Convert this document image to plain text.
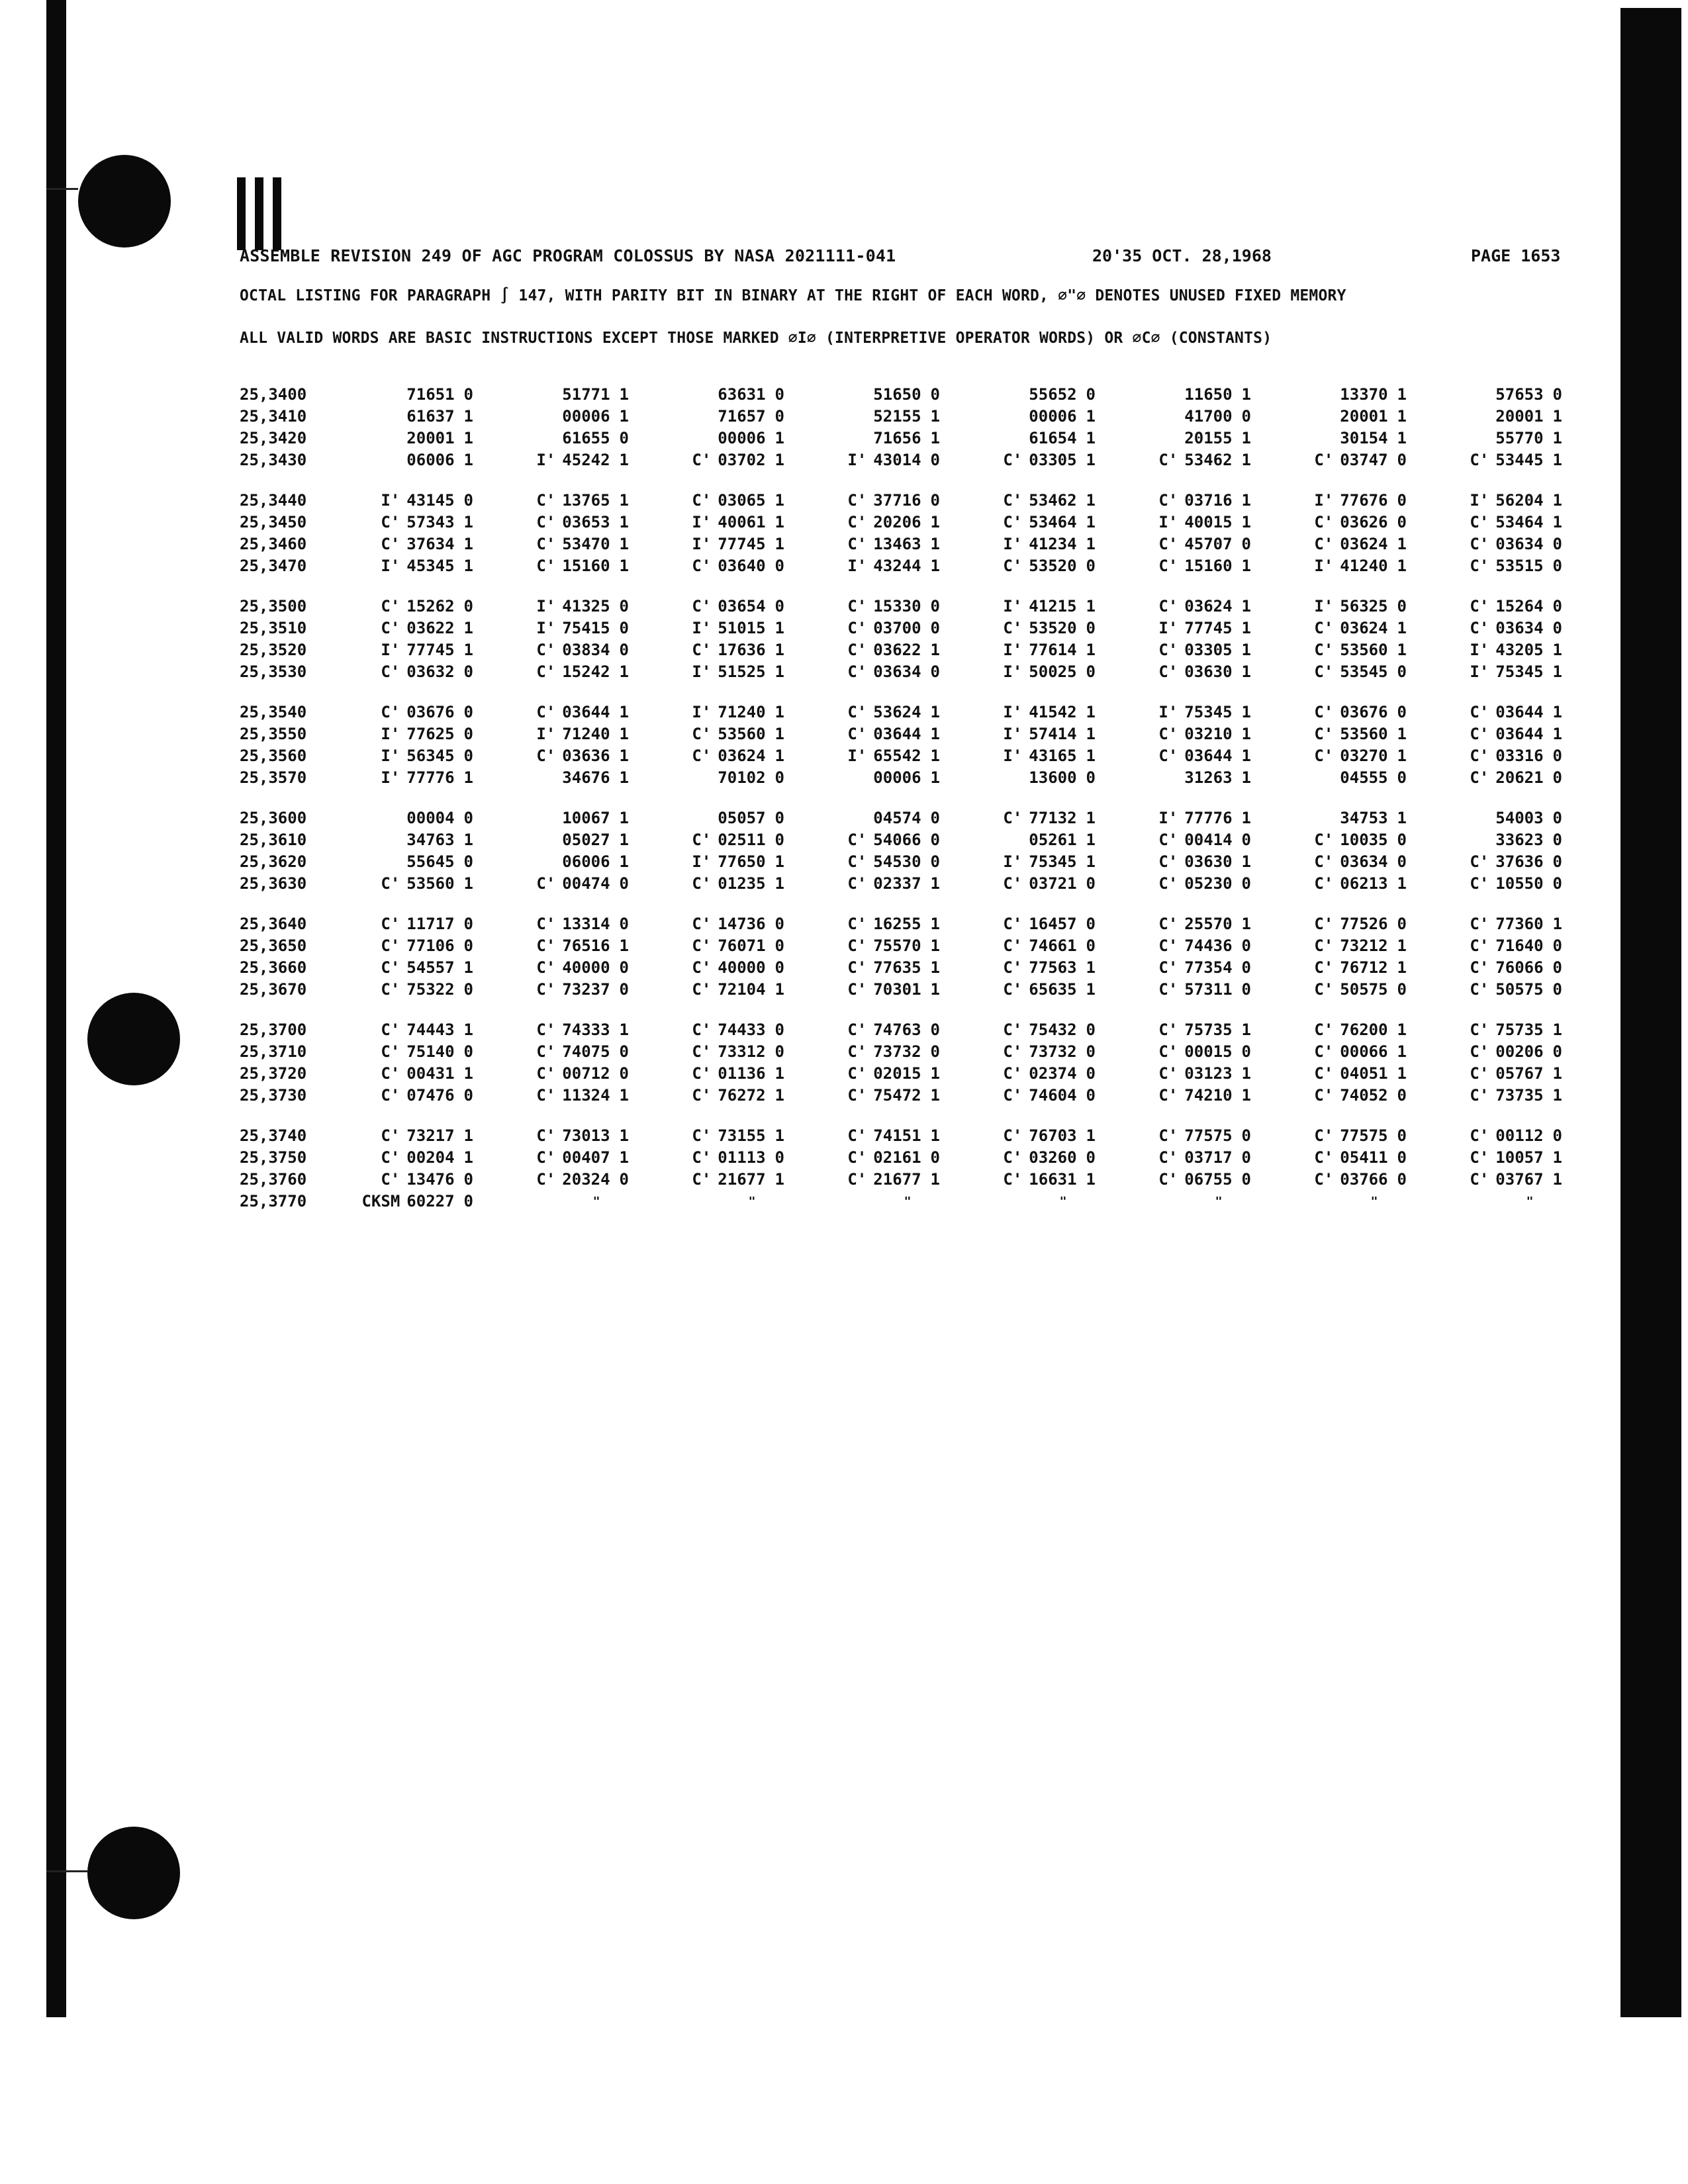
ASSEMBLE REVISION 249 OF AGC PROGRAM COLOSSUS BY NASA 2021111-041	20'35 OCT. 28,1968	PAGE 1653
OCTAL LISTING FOR PARAGRAPH ∫ 147, WITH PARITY BIT IN BINARY AT THE RIGHT OF EACH WORD, ∅"∅ DENOTES UNUSED FIXED MEMORY
ALL VALID WORDS ARE BASIC INSTRUCTIONS EXCEPT THOSE MARKED ∅I∅ (INTERPRETIVE OPERATOR WORDS) OR ∅C∅ (CONSTANTS)
25,3400	71651 0	51771 1	63631 0	51650 0	55652 0	11650 1	13370 1	57653 0
25,3410	61637 1	00006 1	71657 0	52155 1	00006 1	41700 0	20001 1	20001 1
25,3420	20001 1	61655 0	00006 1	71656 1	61654 1	20155 1	30154 1	55770 1
25,3430	06006 1	I' 45242 1	C' 03702 1	I' 43014 0	C' 03305 1	C' 53462 1	C' 03747 0	C' 53445 1
25,3440	I' 43145 0	C' 13765 1	C' 03065 1	C' 37716 0	C' 53462 1	C' 03716 1	I' 77676 0	I' 56204 1
25,3450	C' 57343 1	C' 03653 1	I' 40061 1	C' 20206 1	C' 53464 1	I' 40015 1	C' 03626 0	C' 53464 1
25,3460	C' 37634 1	C' 53470 1	I' 77745 1	C' 13463 1	I' 41234 1	C' 45707 0	C' 03624 1	C' 03634 0
25,3470	I' 45345 1	C' 15160 1	C' 03640 0	I' 43244 1	C' 53520 0	C' 15160 1	I' 41240 1	C' 53515 0
25,3500	C' 15262 0	I' 41325 0	C' 03654 0	C' 15330 0	I' 41215 1	C' 03624 1	I' 56325 0	C' 15264 0
25,3510	C' 03622 1	I' 75415 0	I' 51015 1	C' 03700 0	C' 53520 0	I' 77745 1	C' 03624 1	C' 03634 0
25,3520	I' 77745 1	C' 03834 0	C' 17636 1	C' 03622 1	I' 77614 1	C' 03305 1	C' 53560 1	I' 43205 1
25,3530	C' 03632 0	C' 15242 1	I' 51525 1	C' 03634 0	I' 50025 0	C' 03630 1	C' 53545 0	I' 75345 1
25,3540	C' 03676 0	C' 03644 1	I' 71240 1	C' 53624 1	I' 41542 1	I' 75345 1	C' 03676 0	C' 03644 1
25,3550	I' 77625 0	I' 71240 1	C' 53560 1	C' 03644 1	I' 57414 1	C' 03210 1	C' 53560 1	C' 03644 1
25,3560	I' 56345 0	C' 03636 1	C' 03624 1	I' 65542 1	I' 43165 1	C' 03644 1	C' 03270 1	C' 03316 0
25,3570	I' 77776 1	34676 1	70102 0	00006 1	13600 0	31263 1	04555 0	C' 20621 0
25,3600	00004 0	10067 1	05057 0	04574 0	C' 77132 1	I' 77776 1	34753 1	54003 0
25,3610	34763 1	05027 1	C' 02511 0	C' 54066 0	05261 1	C' 00414 0	C' 10035 0	33623 0
25,3620	55645 0	06006 1	I' 77650 1	C' 54530 0	I' 75345 1	C' 03630 1	C' 03634 0	C' 37636 0
25,3630	C' 53560 1	C' 00474 0	C' 01235 1	C' 02337 1	C' 03721 0	C' 05230 0	C' 06213 1	C' 10550 0
25,3640	C' 11717 0	C' 13314 0	C' 14736 0	C' 16255 1	C' 16457 0	C' 25570 1	C' 77526 0	C' 77360 1
25,3650	C' 77106 0	C' 76516 1	C' 76071 0	C' 75570 1	C' 74661 0	C' 74436 0	C' 73212 1	C' 71640 0
25,3660	C' 54557 1	C' 40000 0	C' 40000 0	C' 77635 1	C' 77563 1	C' 77354 0	C' 76712 1	C' 76066 0
25,3670	C' 75322 0	C' 73237 0	C' 72104 1	C' 70301 1	C' 65635 1	C' 57311 0	C' 50575 0	C' 50575 0
25,3700	C' 74443 1	C' 74333 1	C' 74433 0	C' 74763 0	C' 75432 0	C' 75735 1	C' 76200 1	C' 75735 1
25,3710	C' 75140 0	C' 74075 0	C' 73312 0	C' 73732 0	C' 73732 0	C' 00015 0	C' 00066 1	C' 00206 0
25,3720	C' 00431 1	C' 00712 0	C' 01136 1	C' 02015 1	C' 02374 0	C' 03123 1	C' 04051 1	C' 05767 1
25,3730	C' 07476 0	C' 11324 1	C' 76272 1	C' 75472 1	C' 74604 0	C' 74210 1	C' 74052 0	C' 73735 1
25,3740	C' 73217 1	C' 73013 1	C' 73155 1	C' 74151 1	C' 76703 1	C' 77575 0	C' 77575 0	C' 00112 0
25,3750	C' 00204 1	C' 00407 1	C' 01113 0	C' 02161 0	C' 03260 0	C' 03717 0	C' 05411 0	C' 10057 1
25,3760	C' 13476 0	C' 20324 0	C' 21677 1	C' 21677 1	C' 16631 1	C' 06755 0	C' 03766 0	C' 03767 1
25,3770	CKSM 60227 0	"	"	"	"	"	"	"
